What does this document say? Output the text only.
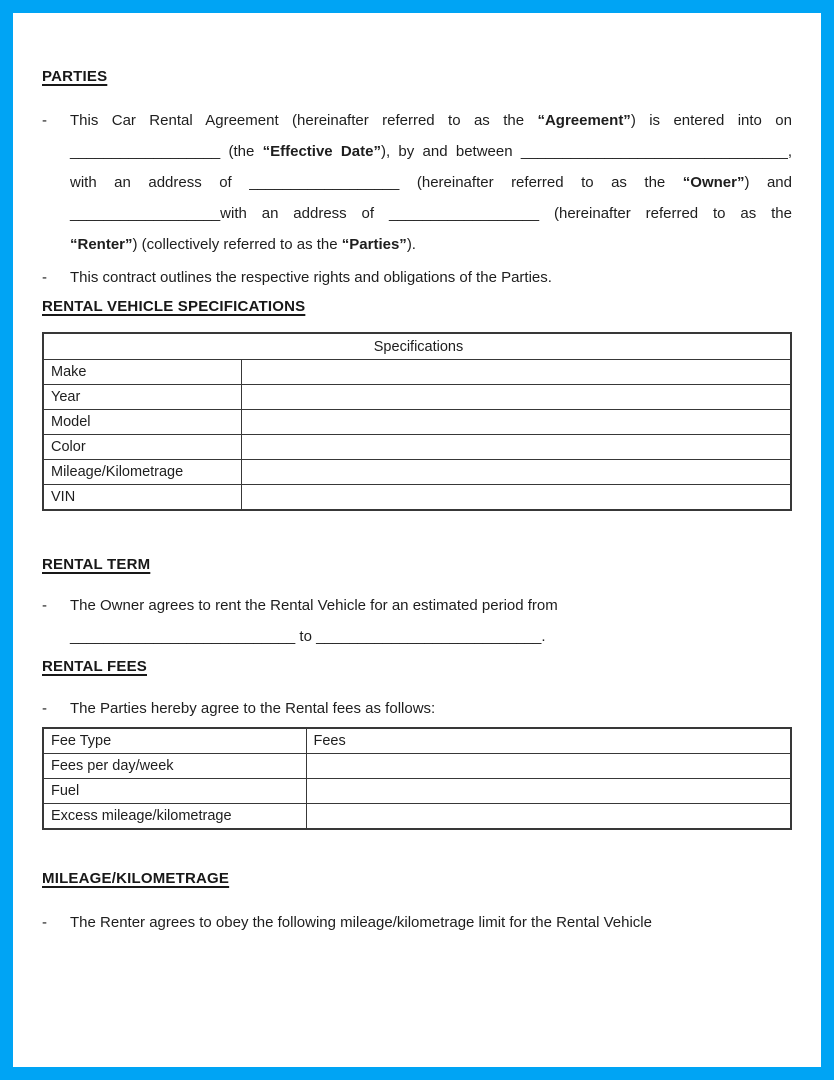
PARTIES
-	This Car Rental Agreement (hereinafter referred to as the “Agreement”) is entered into on
__________________ (the “Effective Date”), by and between ________________________________,
with an address of __________________ (hereinafter referred to as the “Owner”) and
__________________with an address of __________________ (hereinafter referred to as the
“Renter”) (collectively referred to as the “Parties”).
-	This contract outlines the respective rights and obligations of the Parties.
RENTAL VEHICLE SPECIFICATIONS
Specifications	
Make	
Year	
Model	
Color	
Mileage/Kilometrage	
VIN	
RENTAL TERM
-	The Owner agrees to rent the Rental Vehicle for an estimated period from
___________________________ to ___________________________.
RENTAL FEES
-	The Parties hereby agree to the Rental fees as follows:
Fee Type	Fees
Fees per day/week	
Fuel	
Excess mileage/kilometrage	
MILEAGE/KILOMETRAGE
-	The Renter agrees to obey the following mileage/kilometrage limit for the Rental Vehicle
